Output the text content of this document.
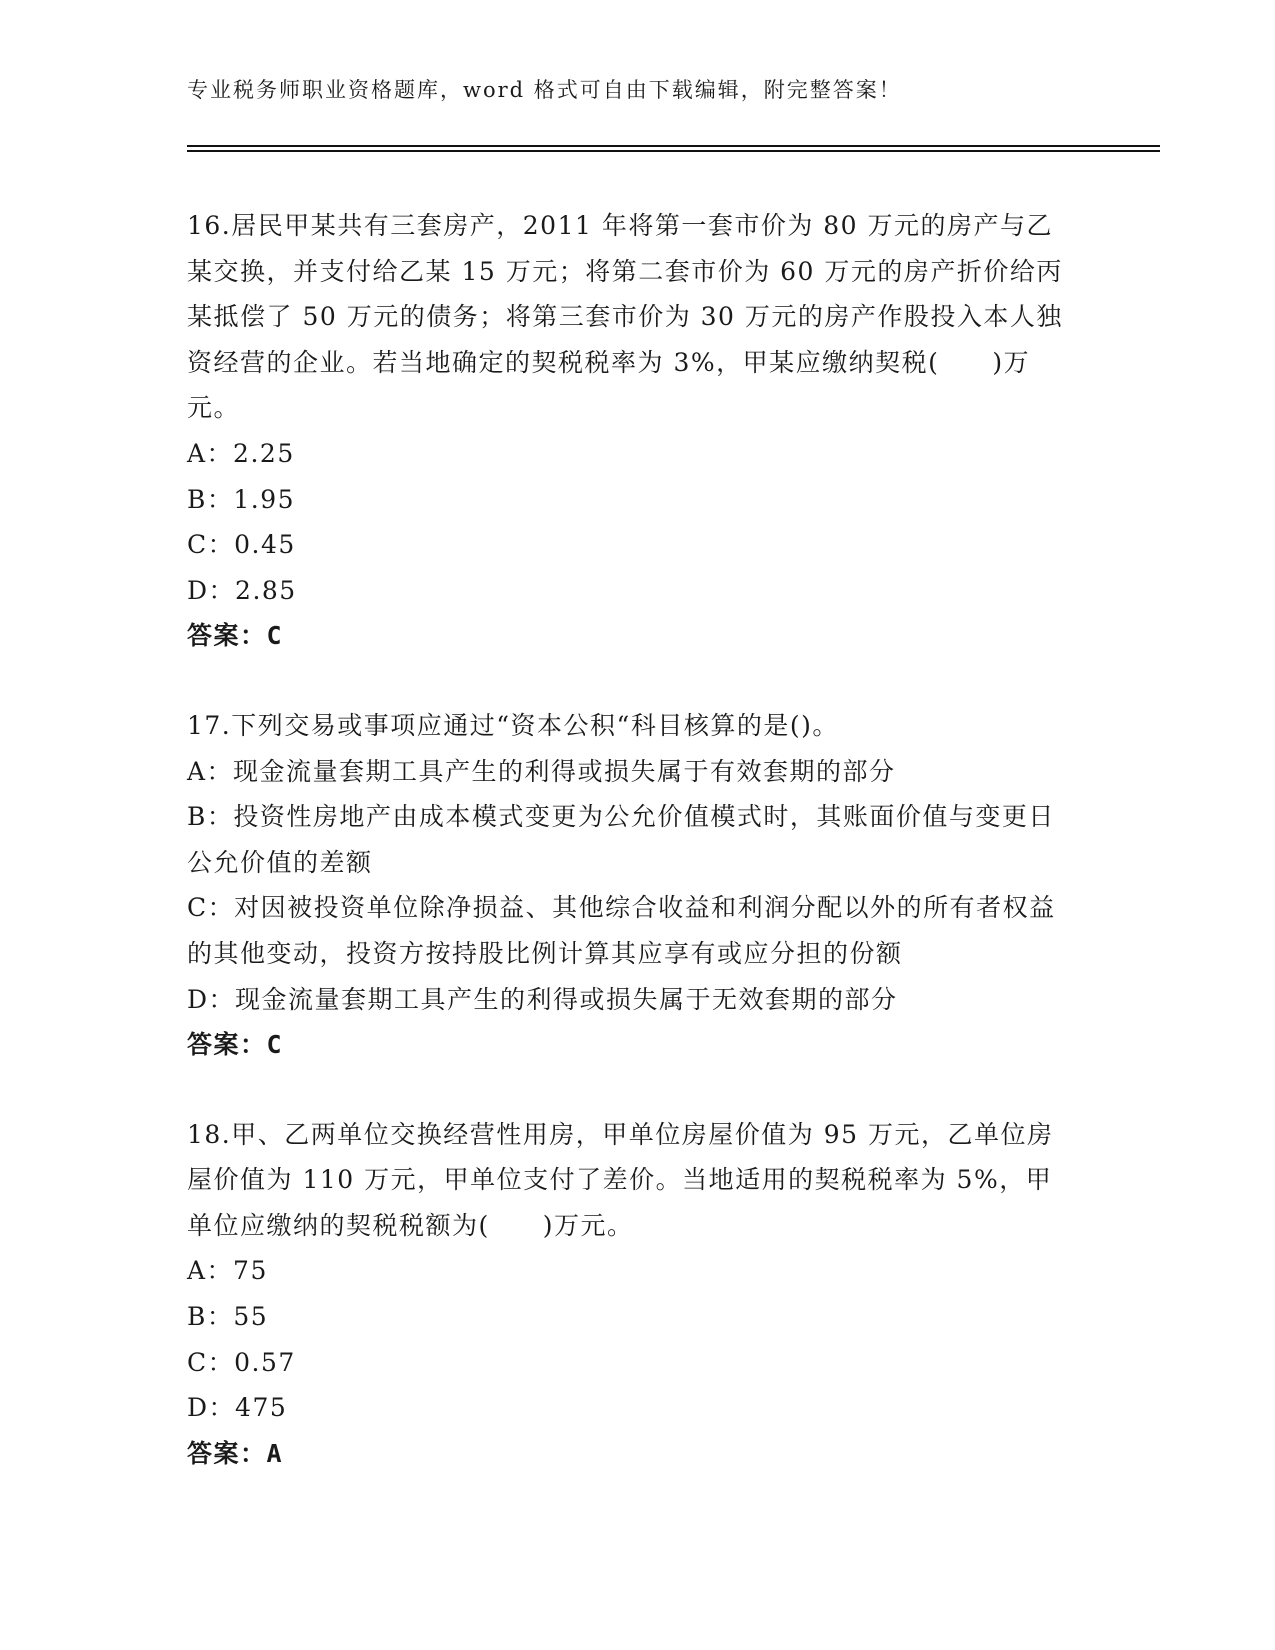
专业税务师职业资格题库，word 格式可自由下载编辑，附完整答案！

16.居民甲某共有三套房产，2011 年将第一套市价为 80 万元的房产与乙某交换，并支付给乙某 15 万元；将第二套市价为 60 万元的房产折价给丙某抵偿了 50 万元的债务；将第三套市价为 30 万元的房产作股投入本人独资经营的企业。若当地确定的契税税率为 3%，甲某应缴纳契税(　　)万元。

A：2.25

B：1.95

C：0.45

D：2.85

答案：C

17.下列交易或事项应通过“资本公积“科目核算的是()。

A：现金流量套期工具产生的利得或损失属于有效套期的部分

B：投资性房地产由成本模式变更为公允价值模式时，其账面价值与变更日公允价值的差额

C：对因被投资单位除净损益、其他综合收益和利润分配以外的所有者权益的其他变动，投资方按持股比例计算其应享有或应分担的份额

D：现金流量套期工具产生的利得或损失属于无效套期的部分

答案：C

18.甲、乙两单位交换经营性用房，甲单位房屋价值为 95 万元，乙单位房屋价值为 110 万元，甲单位支付了差价。当地适用的契税税率为 5%，甲单位应缴纳的契税税额为(　　)万元。

A：75

B：55

C：0.57

D：475

答案：A
